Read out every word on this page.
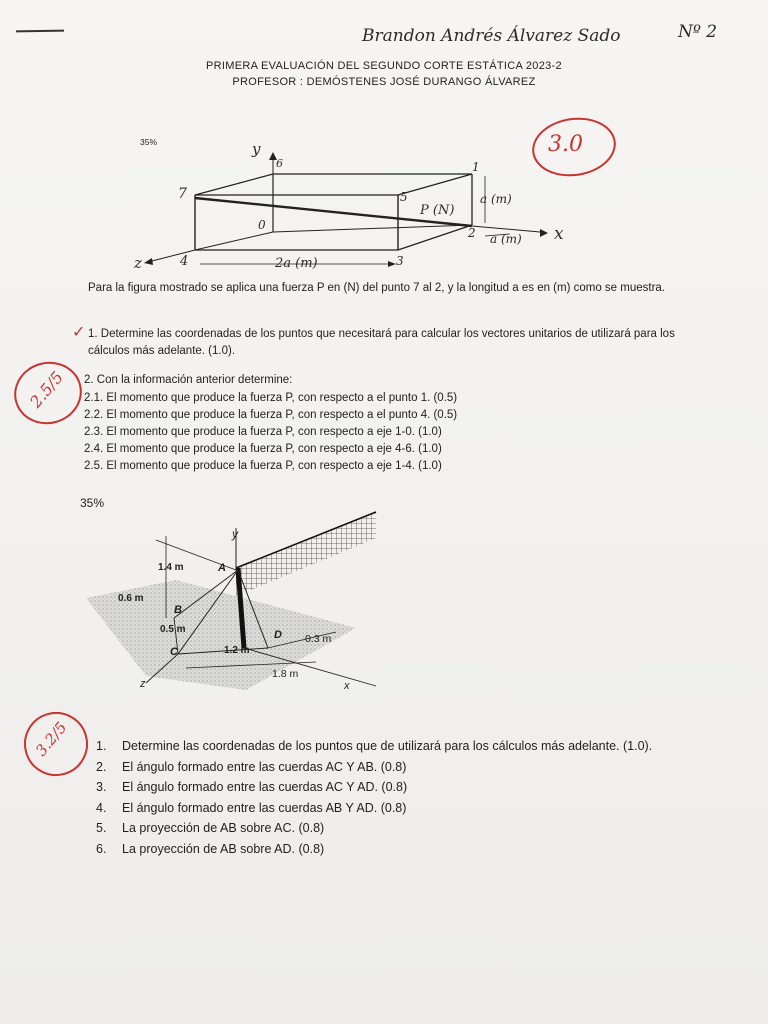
Brandon Andrés Álvarez Sado	Nº 2
PRIMERA EVALUACIÓN DEL SEGUNDO CORTE ESTÁTICA 2023-2
PROFESOR : DEMÓSTENES JOSÉ DURANGO ÁLVAREZ
3.0
35%	y
6
7	5
1
P (N)
a (m)
0
2 a (m) x
z	4	2a (m)	3
Para la figura mostrado se aplica una fuerza P en (N) del punto 7 al 2, y la longitud a es en (m) como se muestra.
✓ 1. Determine las coordenadas de los puntos que necesitará para calcular los vectores unitarios de utilizará para los cálculos más adelante. (1.0).
2.5/5 2. Con la información anterior determine:
2.1. El momento que produce la fuerza P, con respecto a el punto 1. (0.5)
2.2. El momento que produce la fuerza P, con respecto a el punto 4. (0.5)
2.3. El momento que produce la fuerza P, con respecto a eje 1-0. (1.0)
2.4. El momento que produce la fuerza P, con respecto a eje 4-6. (1.0)
2.5. El momento que produce la fuerza P, con respecto a eje 1-4. (1.0)
35%
y
1.4 m	A
0.6 m
B
0.5 m	D 0.3 m
C	1.2 m
1.8 m
z	x
3.2/5 1.	Determine las coordenadas de los puntos que de utilizará para los cálculos más adelante. (1.0).
2.	El ángulo formado entre las cuerdas AC Y AB. (0.8)
3.	El ángulo formado entre las cuerdas AC Y AD. (0.8)
4.	El ángulo formado entre las cuerdas AB Y AD. (0.8)
5.	La proyección de AB sobre AC. (0.8)
6.	La proyección de AB sobre AD. (0.8)
